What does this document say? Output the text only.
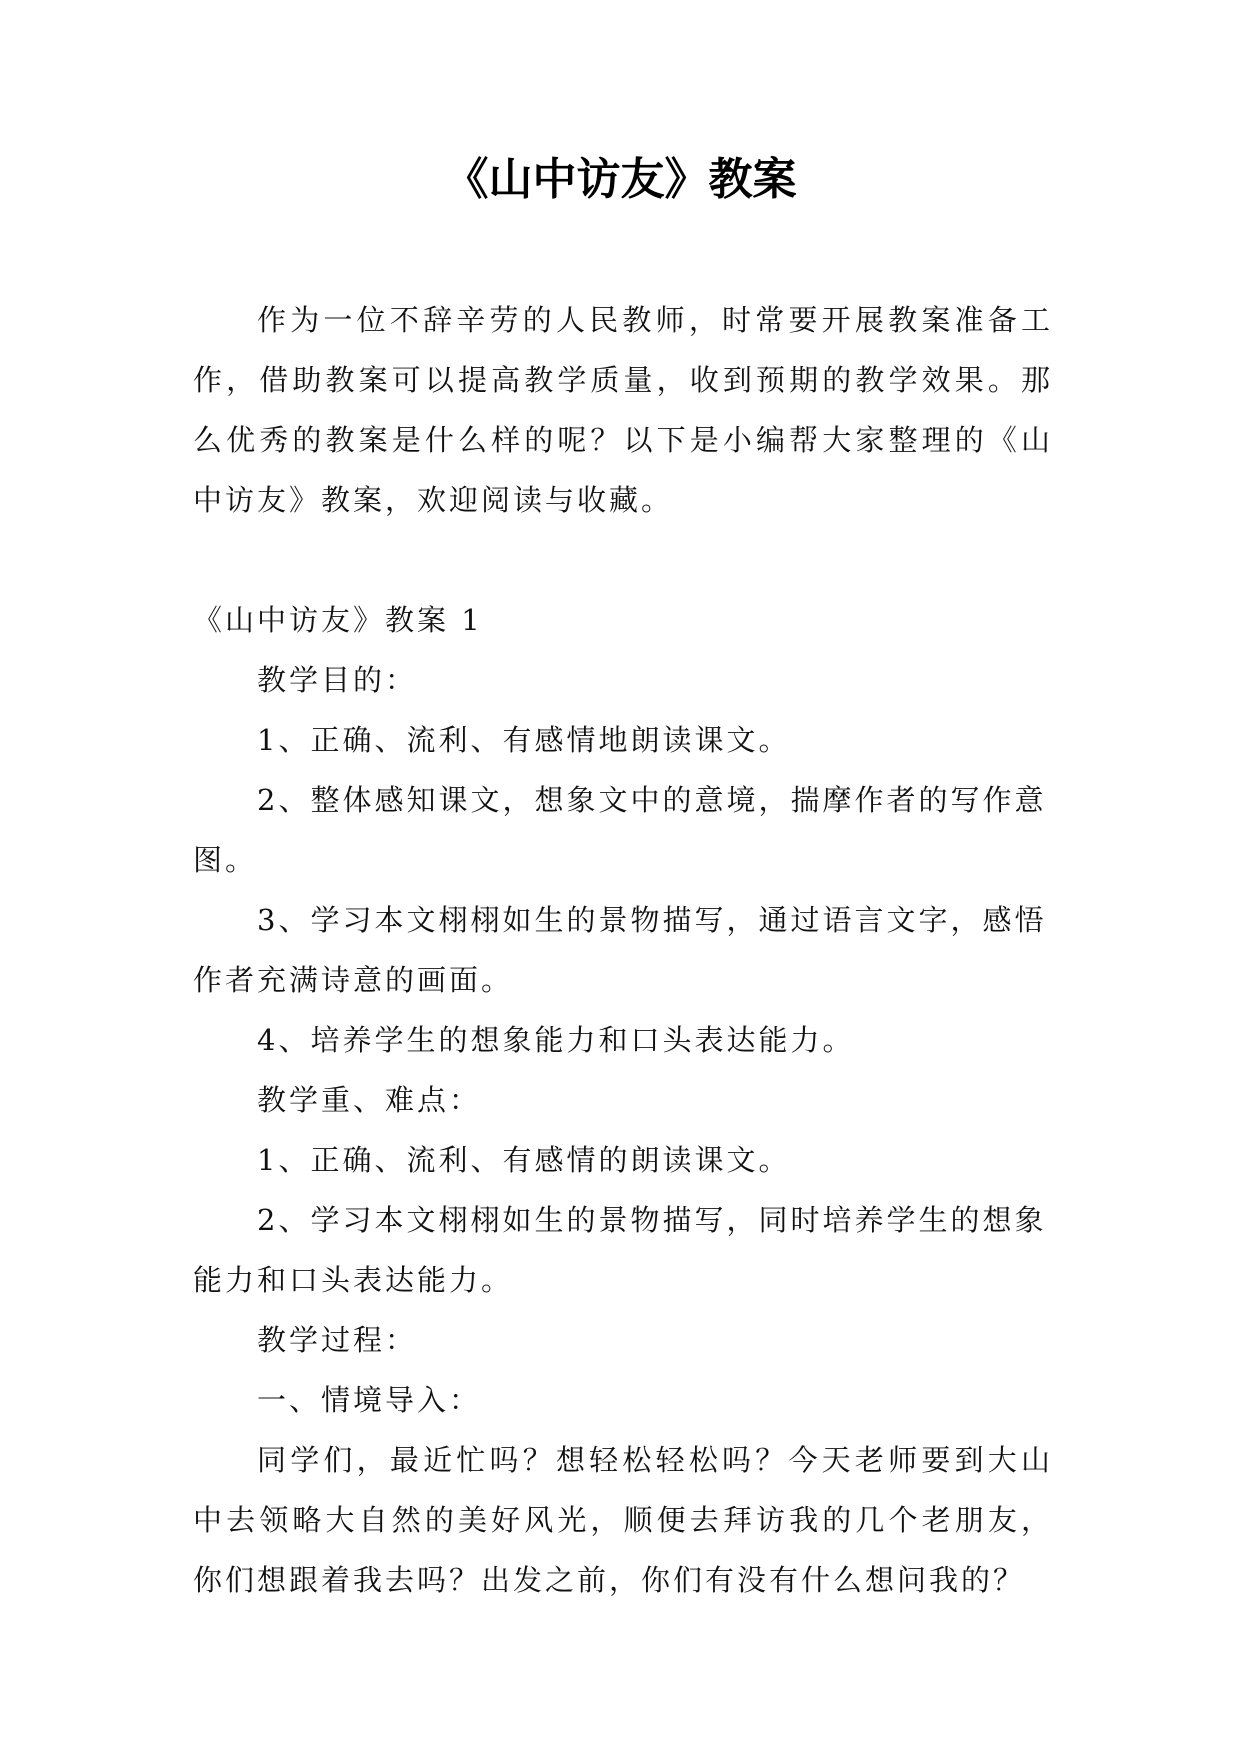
《山中访友》教案

作为一位不辞辛劳的人民教师，时常要开展教案准备工作，借助教案可以提高教学质量，收到预期的教学效果。那么优秀的教案是什么样的呢？以下是小编帮大家整理的《山中访友》教案，欢迎阅读与收藏。

《山中访友》教案 1

教学目的：

1、正确、流利、有感情地朗读课文。

2、整体感知课文，想象文中的意境，揣摩作者的写作意图。

3、学习本文栩栩如生的景物描写，通过语言文字，感悟作者充满诗意的画面。

4、培养学生的想象能力和口头表达能力。

教学重、难点：

1、正确、流利、有感情的朗读课文。

2、学习本文栩栩如生的景物描写，同时培养学生的想象能力和口头表达能力。

教学过程：

一、情境导入：

同学们，最近忙吗？想轻松轻松吗？今天老师要到大山中去领略大自然的美好风光，顺便去拜访我的几个老朋友，你们想跟着我去吗？出发之前，你们有没有什么想问我的？
